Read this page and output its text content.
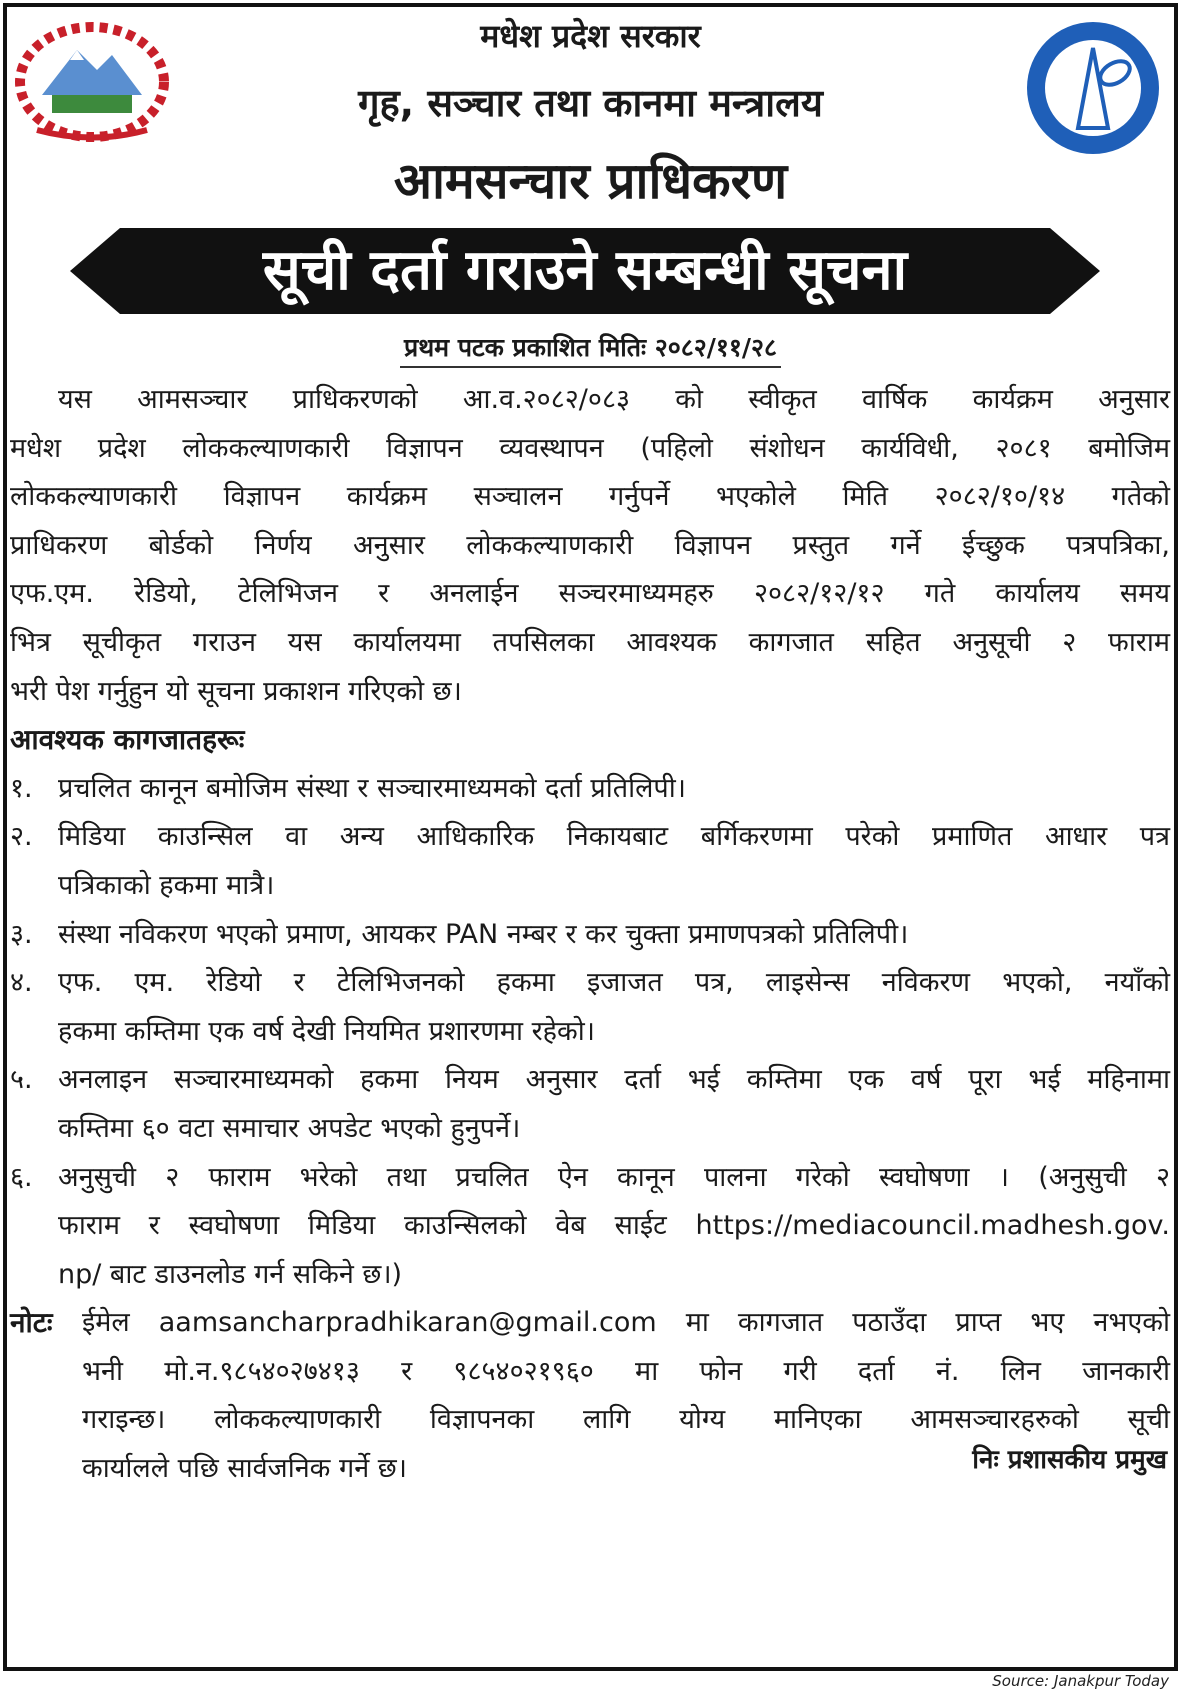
मधेश प्रदेश सरकार
गृह, सञ्चार तथा कानमा मन्त्रालय
आमसन्चार प्राधिकरण
सूची दर्ता गराउने सम्बन्धी सूचना
प्रथम पटक प्रकाशित मितिः २०८२/११/२८
यस आमसञ्चार प्राधिकरणको आ.व.२०८२/०८३ को स्वीकृत वार्षिक कार्यक्रम अनुसार
मधेश प्रदेश लोककल्याणकारी विज्ञापन व्यवस्थापन (पहिलो संशोधन कार्यविधी, २०८१ बमोजिम
लोककल्याणकारी विज्ञापन कार्यक्रम सञ्चालन गर्नुपर्ने भएकोले मिति २०८२/१०/१४ गतेको
प्राधिकरण बोर्डको निर्णय अनुसार लोककल्याणकारी विज्ञापन प्रस्तुत गर्ने ईच्छुक पत्रपत्रिका,
एफ.एम. रेडियो, टेलिभिजन र अनलाईन सञ्चरमाध्यमहरु २०८२/१२/१२ गते कार्यालय समय
भित्र सूचीकृत गराउन यस कार्यालयमा तपसिलका आवश्यक कागजात सहित अनुसूची २ फाराम
भरी पेश गर्नुहुन यो सूचना प्रकाशन गरिएको छ।
आवश्यक कागजातहरूः
१. प्रचलित कानून बमोजिम संस्था र सञ्चारमाध्यमको दर्ता प्रतिलिपी।
२. मिडिया काउन्सिल वा अन्य आधिकारिक निकायबाट बर्गिकरणमा परेको प्रमाणित आधार पत्र
पत्रिकाको हकमा मात्रै।
३. संस्था नविकरण भएको प्रमाण, आयकर PAN नम्बर र कर चुक्ता प्रमाणपत्रको प्रतिलिपी।
४. एफ. एम. रेडियो र टेलिभिजनको हकमा इजाजत पत्र, लाइसेन्स नविकरण भएको, नयाँको
हकमा कम्तिमा एक वर्ष देखी नियमित प्रशारणमा रहेको।
५. अनलाइन सञ्चारमाध्यमको हकमा नियम अनुसार दर्ता भई कम्तिमा एक वर्ष पूरा भई महिनामा
कम्तिमा ६० वटा समाचार अपडेट भएको हुनुपर्ने।
६. अनुसुची २ फाराम भरेको तथा प्रचलित ऐन कानून पालना गरेको स्वघोषणा । (अनुसुची २
फाराम र स्वघोषणा मिडिया काउन्सिलको वेब साईट https://mediacouncil.madhesh.gov.
np/ बाट डाउनलोड गर्न सकिने छ।)
नोटः ईमेल aamsancharpradhikaran@gmail.com मा कागजात पठाउँदा प्राप्त भए नभएको
भनी मो.न.९८५४०२७४१३ र ९८५४०२१९६० मा फोन गरी दर्ता नं. लिन जानकारी
गराइन्छ। लोककल्याणकारी विज्ञापनका लागि योग्य मानिएका आमसञ्चारहरुको सूची
कार्यालले पछि सार्वजनिक गर्ने छ।	निः प्रशासकीय प्रमुख
Source: Janakpur Today
